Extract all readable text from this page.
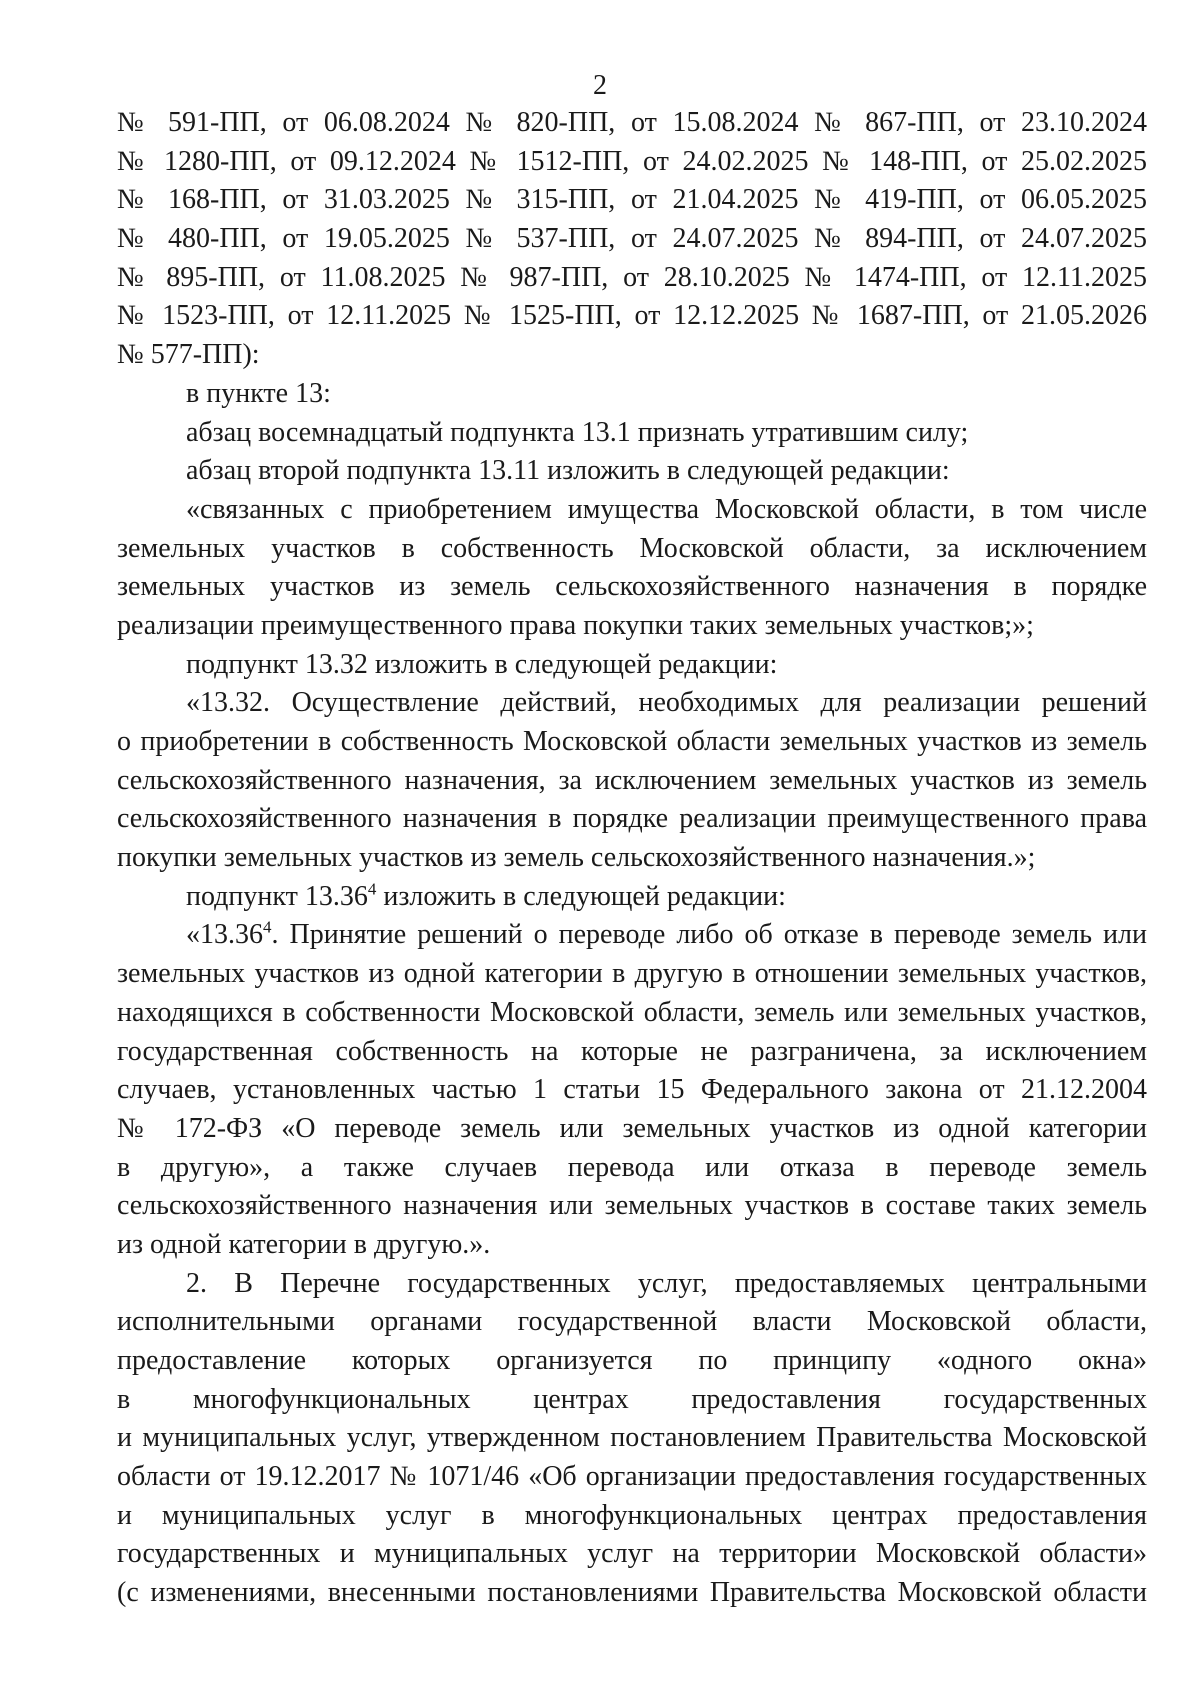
2
№ 591-ПП, от 06.08.2024 № 820-ПП, от 15.08.2024 № 867-ПП, от 23.10.2024
№ 1280-ПП, от 09.12.2024 № 1512-ПП, от 24.02.2025 № 148-ПП, от 25.02.2025
№ 168-ПП, от 31.03.2025 № 315-ПП, от 21.04.2025 № 419-ПП, от 06.05.2025
№ 480-ПП, от 19.05.2025 № 537-ПП, от 24.07.2025 № 894-ПП, от 24.07.2025
№ 895-ПП, от 11.08.2025 № 987-ПП, от 28.10.2025 № 1474-ПП, от 12.11.2025
№ 1523-ПП, от 12.11.2025 № 1525-ПП, от 12.12.2025 № 1687-ПП, от 21.05.2026
№ 577-ПП):
в пункте 13:
абзац восемнадцатый подпункта 13.1 признать утратившим силу;
абзац второй подпункта 13.11 изложить в следующей редакции:
«связанных с приобретением имущества Московской области, в том числе
земельных участков в собственность Московской области, за исключением
земельных участков из земель сельскохозяйственного назначения в порядке
реализации преимущественного права покупки таких земельных участков;»;
подпункт 13.32 изложить в следующей редакции:
«13.32. Осуществление действий, необходимых для реализации решений
о приобретении в собственность Московской области земельных участков из земель
сельскохозяйственного назначения, за исключением земельных участков из земель
сельскохозяйственного назначения в порядке реализации преимущественного права
покупки земельных участков из земель сельскохозяйственного назначения.»;
подпункт 13.36$^4$ изложить в следующей редакции:
«13.36$^4$. Принятие решений о переводе либо об отказе в переводе земель или
земельных участков из одной категории в другую в отношении земельных участков,
находящихся в собственности Московской области, земель или земельных участков,
государственная собственность на которые не разграничена, за исключением
случаев, установленных частью 1 статьи 15 Федерального закона от 21.12.2004
№ 172-ФЗ «О переводе земель или земельных участков из одной категории
в другую», а также случаев перевода или отказа в переводе земель
сельскохозяйственного назначения или земельных участков в составе таких земель
из одной категории в другую.».
2. В Перечне государственных услуг, предоставляемых центральными
исполнительными органами государственной власти Московской области,
предоставление которых организуется по принципу «одного окна»
в многофункциональных центрах предоставления государственных
и муниципальных услуг, утвержденном постановлением Правительства Московской
области от 19.12.2017 № 1071/46 «Об организации предоставления государственных
и муниципальных услуг в многофункциональных центрах предоставления
государственных и муниципальных услуг на территории Московской области»
(с изменениями, внесенными постановлениями Правительства Московской области
